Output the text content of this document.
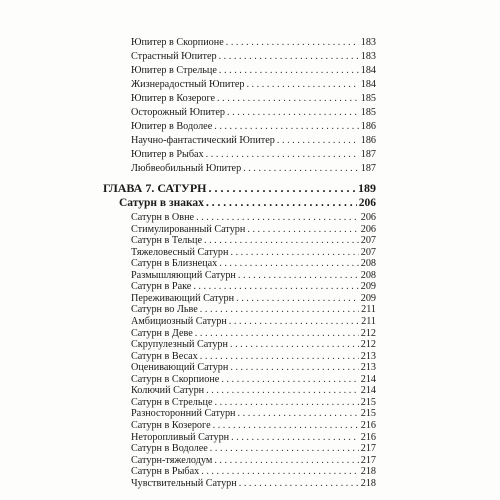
Юпитер в Скорпионе . . .	183
Страстный Юпитер . . .	183
Юпитер в Стрельце . . .	184
Жизнерадостный Юпитер . . .	184
Юпитер в Козероге . . .	185
Осторожный Юпитер . . .	185
Юпитер в Водолее . . .	186
Научно-фантастический Юпитер . . .	186
Юпитер в Рыбах . . .	187
Любвеобильный Юпитер . . .	187
ГЛАВА 7. САТУРН . . .	189
Сатурн в знаках . . .	206
Сатурн в Овне . . .	206
Стимулированный Сатурн . . .	206
Сатурн в Тельце . . .	207
Тяжеловесный Сатурн . . .	207
Сатурн в Близнецах . . .	208
Размышляющий Сатурн . . .	208
Сатурн в Раке . . .	209
Переживающий Сатурн . . .	209
Сатурн во Льве . . .	211
Амбициозный Сатурн . . .	211
Сатурн в Деве . . .	212
Скрупулезный Сатурн . . .	212
Сатурн в Весах . . .	213
Оценивающий Сатурн . . .	213
Сатурн в Скорпионе . . .	214
Колючий Сатурн . . .	214
Сатурн в Стрельце . . .	215
Разносторонний Сатурн . . .	215
Сатурн в Козероге . . .	216
Неторопливый Сатурн . . .	216
Сатурн в Водолее . . .	217
Сатурн-тяжелодум . . .	217
Сатурн в Рыбах . . .	218
Чувствительный Сатурн . . .	218
